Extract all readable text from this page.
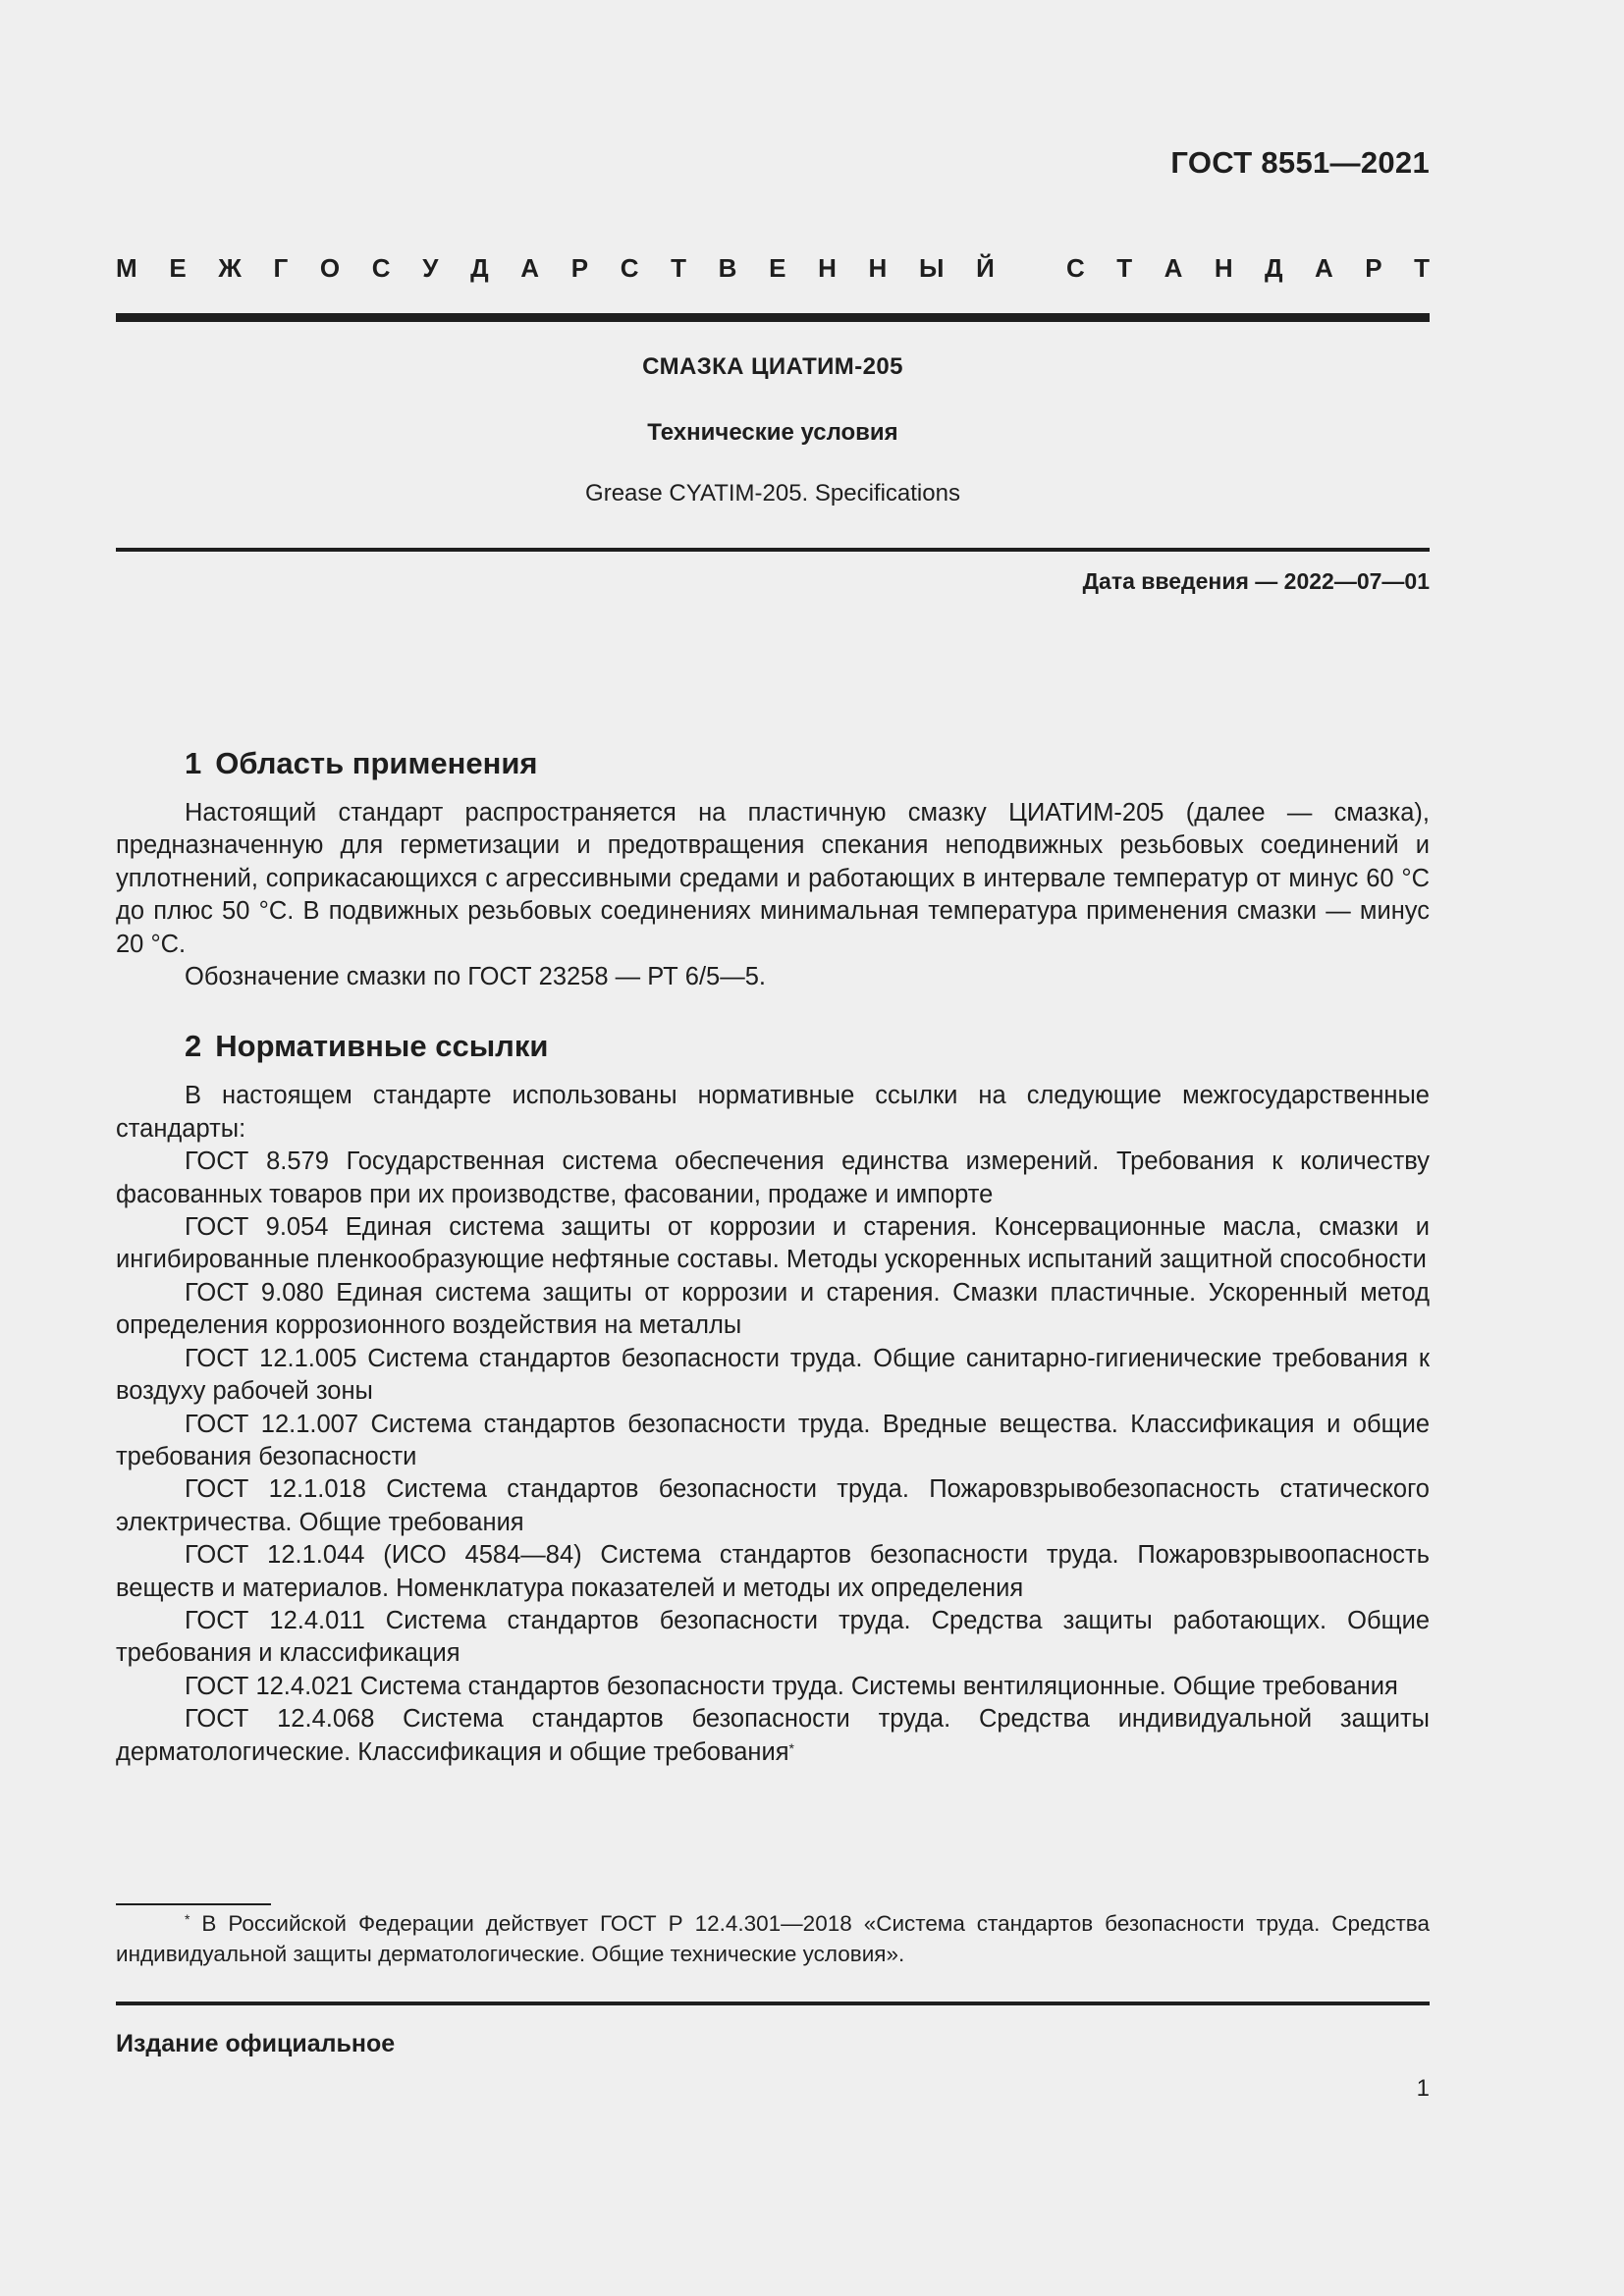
ГОСТ 8551—2021
М Е Ж Г О С У Д А Р С Т В Е Н Н Ы Й	С Т А Н Д А Р Т
СМАЗКА ЦИАТИМ-205
Технические условия
Grease CYATIM-205. Specifications
Дата введения — 2022—07—01
1 Область применения

Настоящий стандарт распространяется на пластичную смазку ЦИАТИМ-205 (далее — смазка), предназначенную для герметизации и предотвращения спекания неподвижных резьбовых соединений и уплотнений, соприкасающихся с агрессивными средами и работающих в интервале температур от минус 60 °С до плюс 50 °С. В подвижных резьбовых соединениях минимальная температура применения смазки — минус 20 °С.

Обозначение смазки по ГОСТ 23258 — РТ 6/5—5.

2 Нормативные ссылки

В настоящем стандарте использованы нормативные ссылки на следующие межгосударственные стандарты:

ГОСТ 8.579 Государственная система обеспечения единства измерений. Требования к количеству фасованных товаров при их производстве, фасовании, продаже и импорте

ГОСТ 9.054 Единая система защиты от коррозии и старения. Консервационные масла, смазки и ингибированные пленкообразующие нефтяные составы. Методы ускоренных испытаний защитной способности

ГОСТ 9.080 Единая система защиты от коррозии и старения. Смазки пластичные. Ускоренный метод определения коррозионного воздействия на металлы

ГОСТ 12.1.005 Система стандартов безопасности труда. Общие санитарно-гигиенические требования к воздуху рабочей зоны

ГОСТ 12.1.007 Система стандартов безопасности труда. Вредные вещества. Классификация и общие требования безопасности

ГОСТ 12.1.018 Система стандартов безопасности труда. Пожаровзрывобезопасность статического электричества. Общие требования

ГОСТ 12.1.044 (ИСО 4584—84) Система стандартов безопасности труда. Пожаровзрывоопасность веществ и материалов. Номенклатура показателей и методы их определения

ГОСТ 12.4.011 Система стандартов безопасности труда. Средства защиты работающих. Общие требования и классификация

ГОСТ 12.4.021 Система стандартов безопасности труда. Системы вентиляционные. Общие требования

ГОСТ 12.4.068 Система стандартов безопасности труда. Средства индивидуальной защиты дерматологические. Классификация и общие требования*

* В Российской Федерации действует ГОСТ Р 12.4.301—2018 «Система стандартов безопасности труда. Средства индивидуальной защиты дерматологические. Общие технические условия».

Издание официальное
1
